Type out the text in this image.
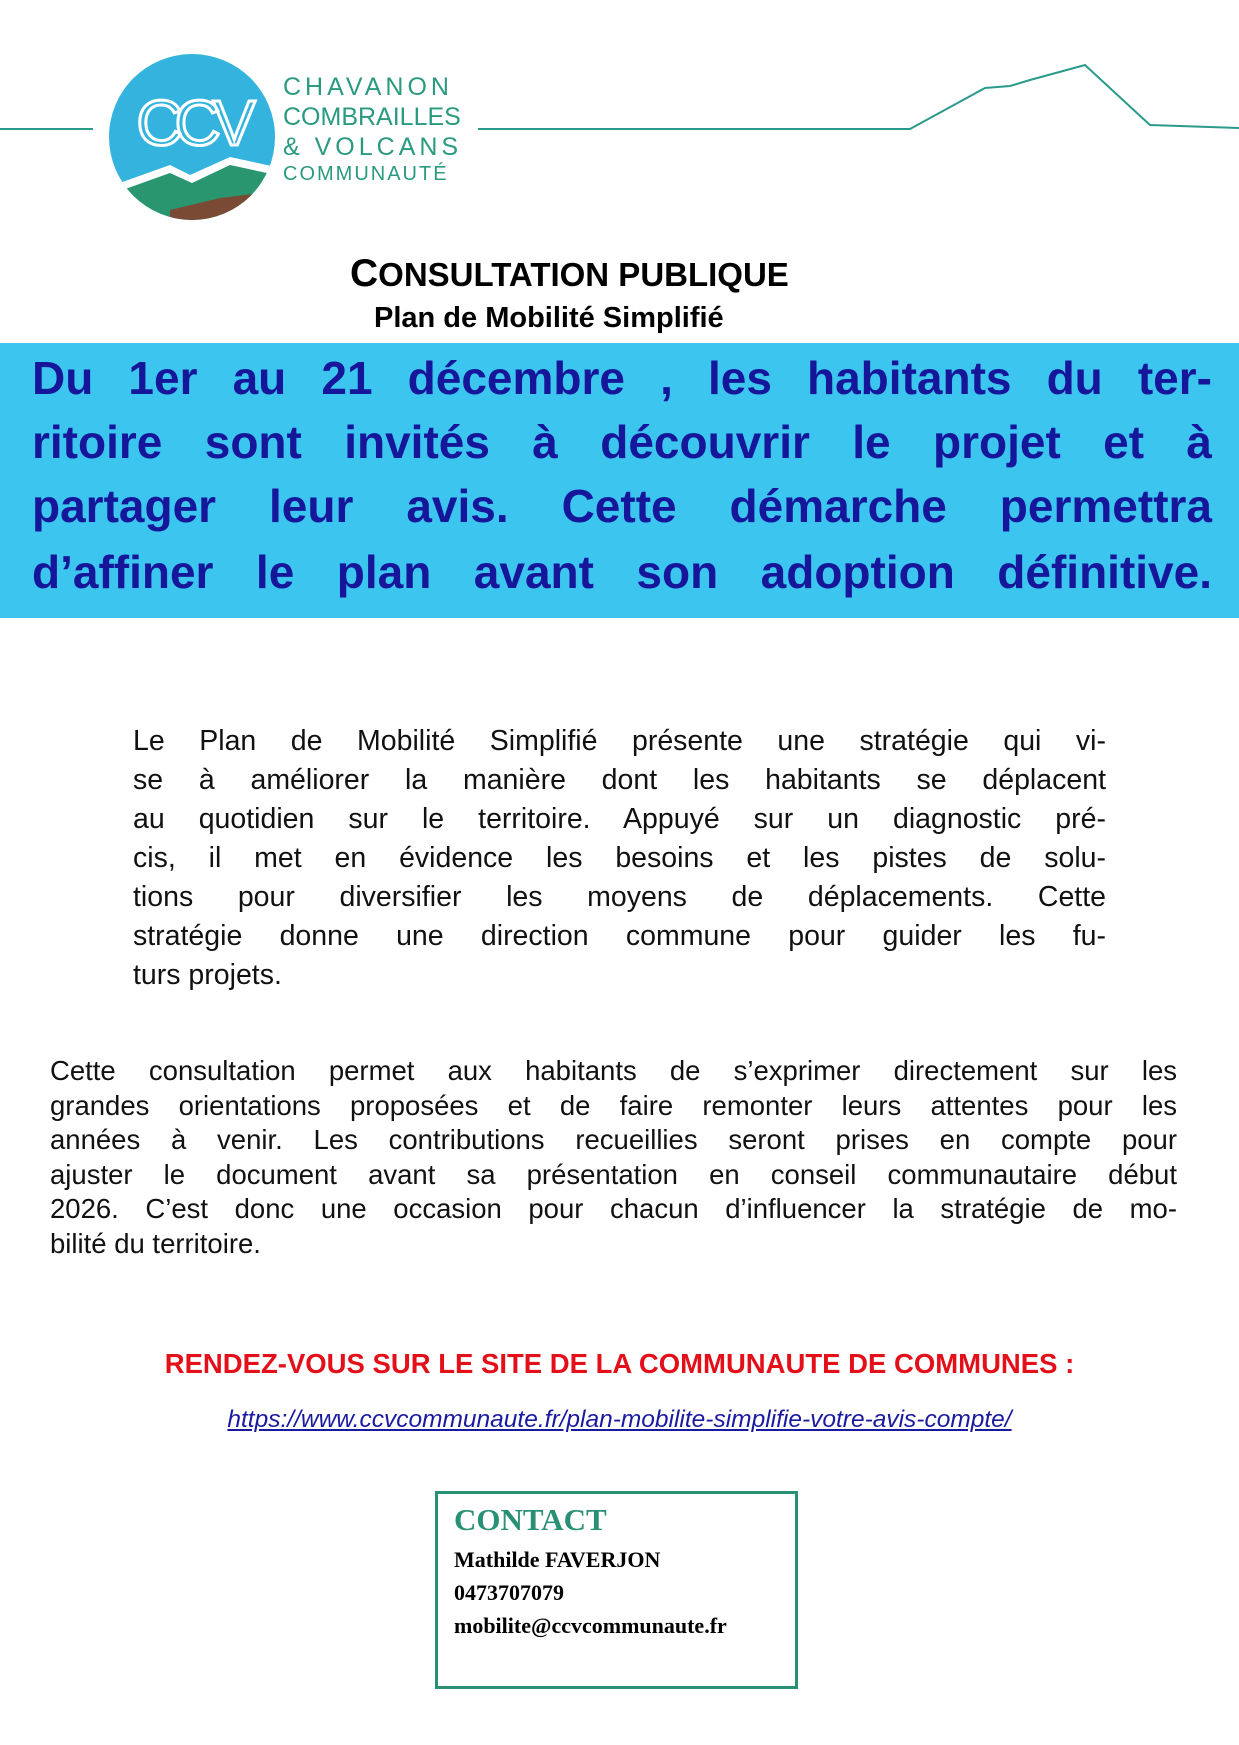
CCV	CHAVANON
COMBRAILLES
& VOLCANS
COMMUNAUTÉ
CONSULTATION PUBLIQUE
Plan de Mobilité Simplifié
Du 1er au 21 décembre , les habitants du ter-
ritoire sont invités à découvrir le projet et à
partager leur avis. Cette démarche permettra
d’affiner le plan avant son adoption définitive.
Le Plan de Mobilité Simplifié présente une stratégie qui vi-
se à améliorer la manière dont les habitants se déplacent
au quotidien sur le territoire. Appuyé sur un diagnostic pré-
cis, il met en évidence les besoins et les pistes de solu-
tions pour diversifier les moyens de déplacements. Cette
stratégie donne une direction commune pour guider les fu-
turs projets.
Cette consultation permet aux habitants de s’exprimer directement sur les
grandes orientations proposées et de faire remonter leurs attentes pour les
années à venir. Les contributions recueillies seront prises en compte pour
ajuster le document avant sa présentation en conseil communautaire début
2026. C’est donc une occasion pour chacun d’influencer la stratégie de mo-
bilité du territoire.
RENDEZ-VOUS SUR LE SITE DE LA COMMUNAUTE DE COMMUNES :
https://www.ccvcommunaute.fr/plan-mobilite-simplifie-votre-avis-compte/
CONTACT
Mathilde FAVERJON
0473707079
mobilite@ccvcommunaute.fr
